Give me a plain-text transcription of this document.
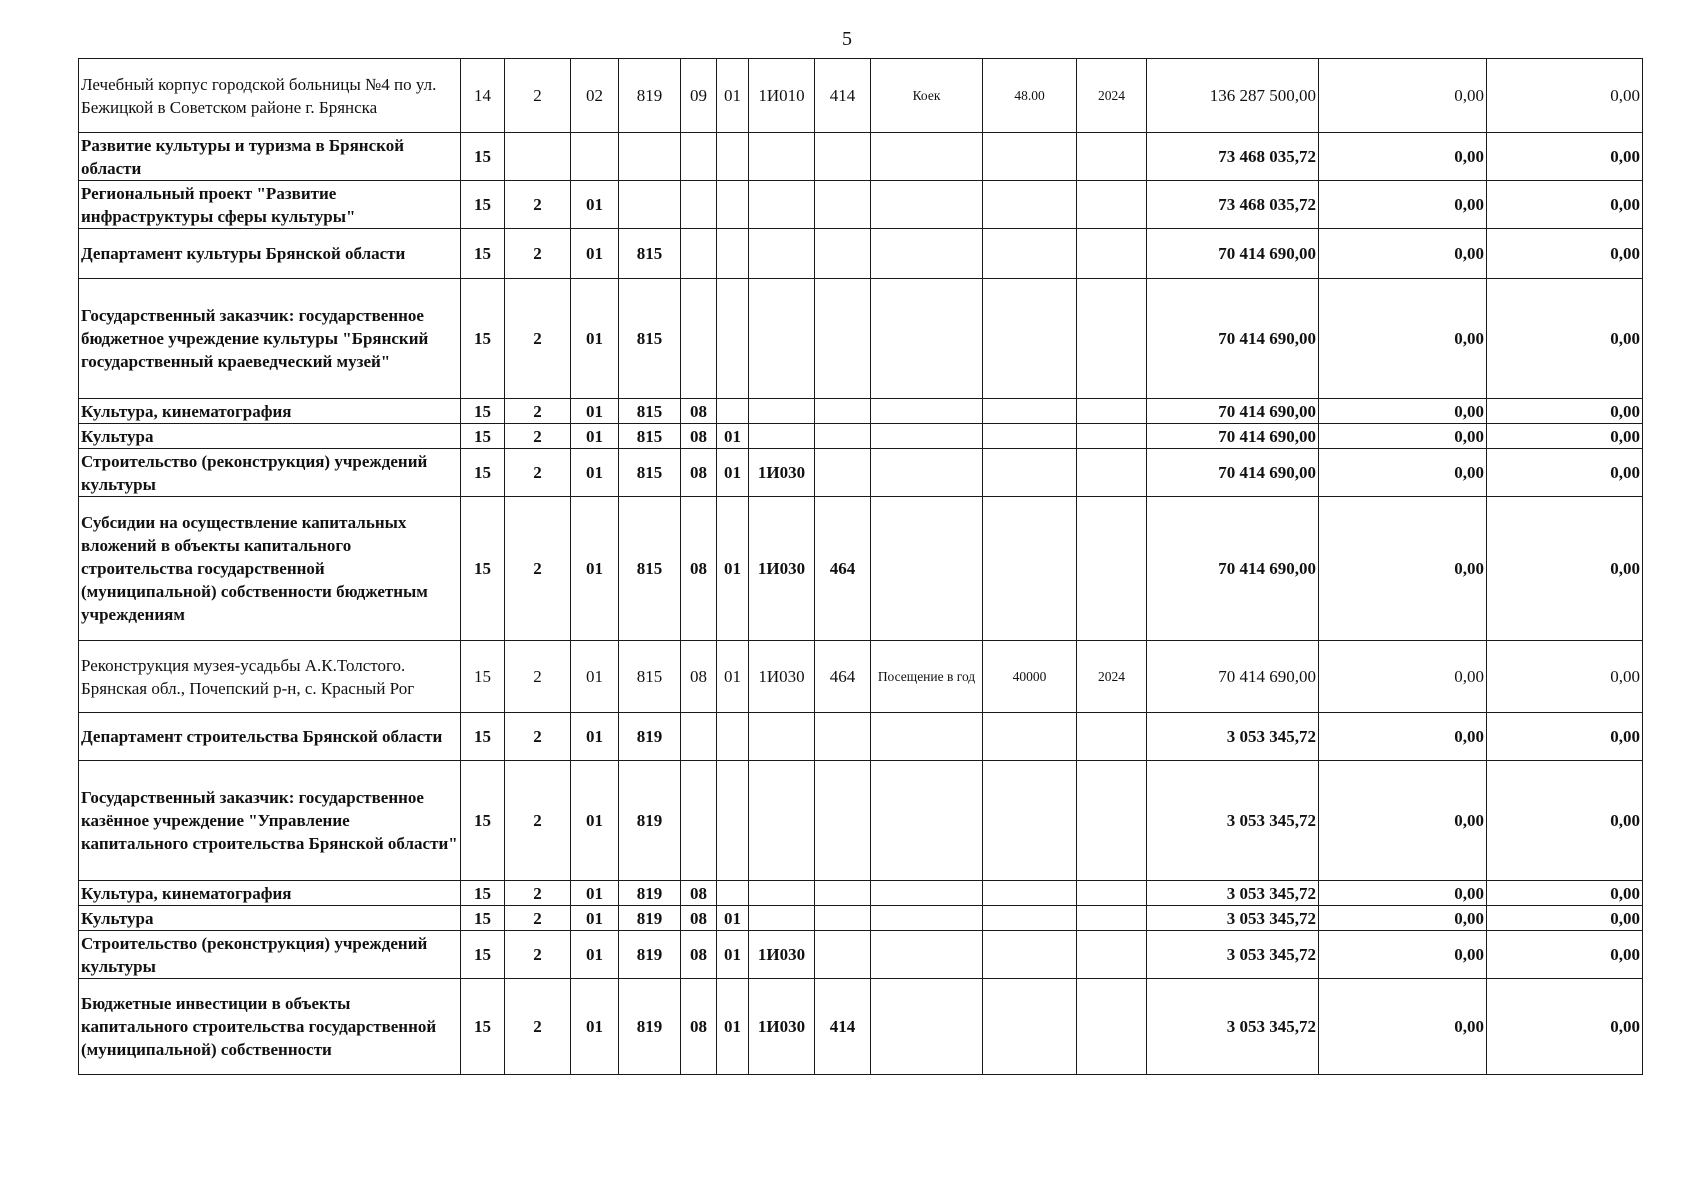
5
Лечебный корпус городской больницы №4 по ул. Бежицкой в Советском районе г. Брянска	14	2	02	819	09	01	1И010	414	Коек	48.00	2024	136 287 500,00	0,00	0,00
Развитие культуры и туризма в Брянской области	15											73 468 035,72	0,00	0,00
Региональный проект "Развитие инфраструктуры сферы культуры"	15	2	01									73 468 035,72	0,00	0,00
Департамент культуры Брянской области	15	2	01	815								70 414 690,00	0,00	0,00
Государственный заказчик: государственное бюджетное учреждение культуры "Брянский государственный краеведческий музей"	15	2	01	815								70 414 690,00	0,00	0,00
Культура, кинематография	15	2	01	815	08							70 414 690,00	0,00	0,00
Культура	15	2	01	815	08	01						70 414 690,00	0,00	0,00
Строительство (реконструкция) учреждений культуры	15	2	01	815	08	01	1И030					70 414 690,00	0,00	0,00
Субсидии на осуществление капитальных вложений в объекты капитального строительства государственной (муниципальной) собственности бюджетным учреждениям	15	2	01	815	08	01	1И030	464				70 414 690,00	0,00	0,00
Реконструкция музея-усадьбы А.К.Толстого. Брянская обл., Почепский р-н, с. Красный Рог	15	2	01	815	08	01	1И030	464	Посещение в год	40000	2024	70 414 690,00	0,00	0,00
Департамент строительства Брянской области	15	2	01	819								3 053 345,72	0,00	0,00
Государственный заказчик: государственное казённое учреждение "Управление капитального строительства Брянской области"	15	2	01	819								3 053 345,72	0,00	0,00
Культура, кинематография	15	2	01	819	08							3 053 345,72	0,00	0,00
Культура	15	2	01	819	08	01						3 053 345,72	0,00	0,00
Строительство (реконструкция) учреждений культуры	15	2	01	819	08	01	1И030					3 053 345,72	0,00	0,00
Бюджетные инвестиции в объекты капитального строительства государственной (муниципальной) собственности	15	2	01	819	08	01	1И030	414				3 053 345,72	0,00	0,00
